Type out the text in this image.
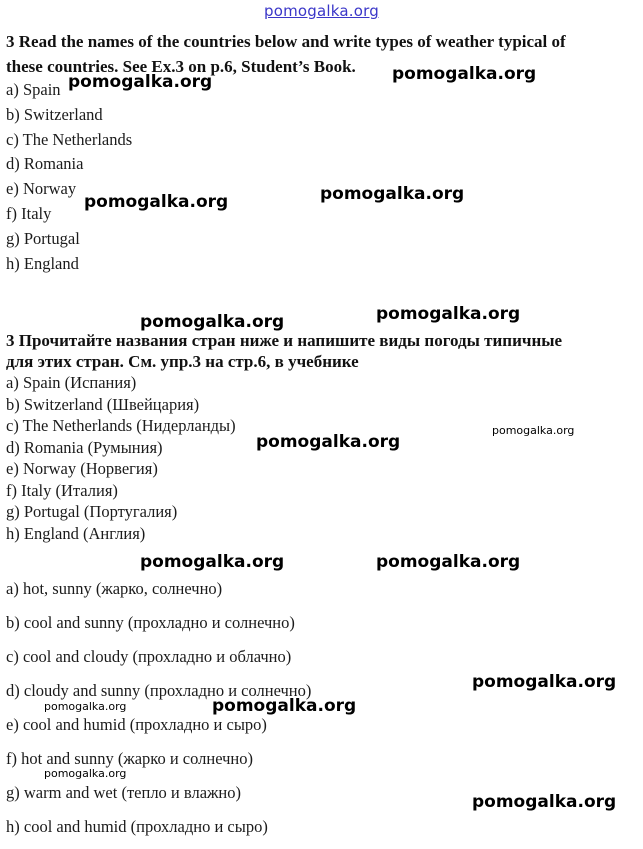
pomogalka.org
3 Read the names of the countries below and write types of weather typical of
these countries. See Ex.3 on p.6, Student’s Book.
a) Spain
b) Switzerland
c) The Netherlands
d) Romania
e) Norway
f) Italy
g) Portugal
h) England
3 Прочитайте названия стран ниже и напишите виды погоды типичные
для этих стран. См. упр.3 на стр.6, в учебнике
a) Spain (Испания)
b) Switzerland (Швейцария)
c) The Netherlands (Нидерланды)
d) Romania (Румыния)
e) Norway (Норвегия)
f) Italy (Италия)
g) Portugal (Португалия)
h) England (Англия)
a) hot, sunny (жарко, солнечно)
b) cool and sunny (прохладно и солнечно)
c) cool and cloudy (прохладно и облачно)
d) cloudy and sunny (прохладно и солнечно)
e) cool and humid (прохладно и сыро)
f) hot and sunny (жарко и солнечно)
g) warm and wet (тепло и влажно)
h) cool and humid (прохладно и сыро)
pomogalka.org	pomogalka.org
pomogalka.org
pomogalka.org
pomogalka.org
pomogalka.org
pomogalka.org
pomogalka.org
pomogalka.org	pomogalka.org
pomogalka.org
pomogalka.org	pomogalka.org
pomogalka.org
pomogalka.org
